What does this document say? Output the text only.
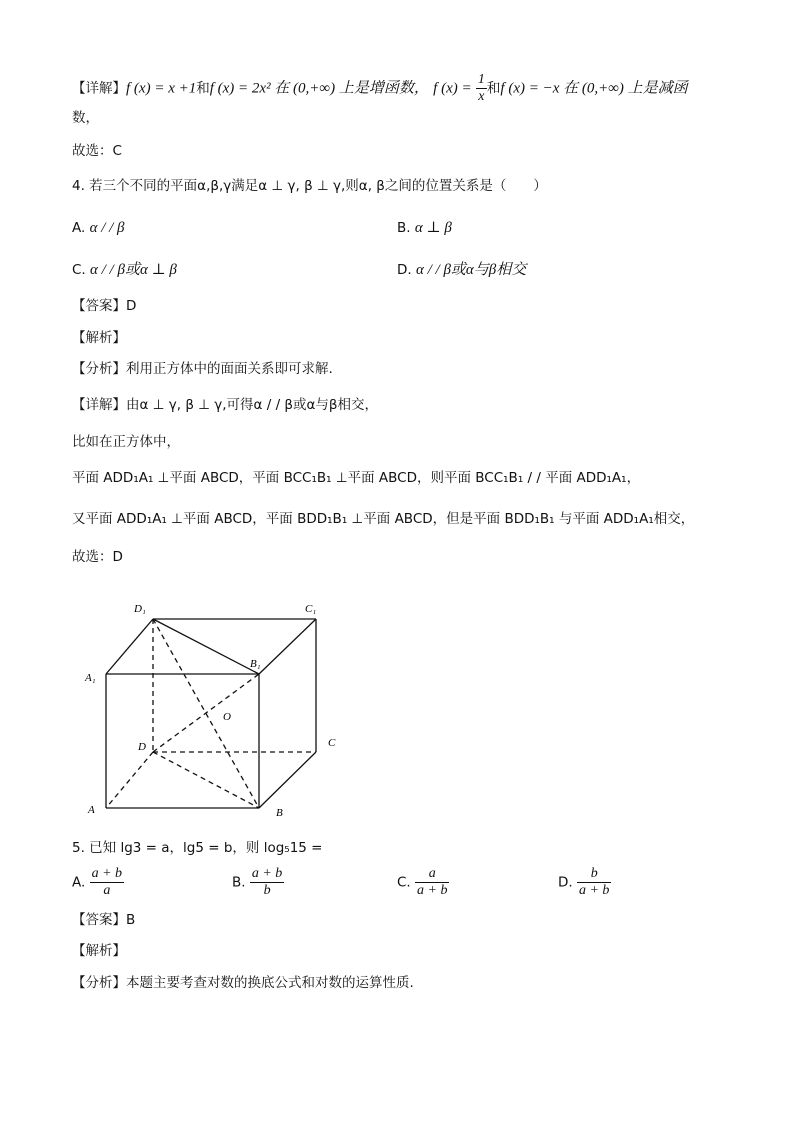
【详解】f (x) = x +1和f (x) = 2x² 在 (0,+∞) 上是增函数， f $(x) = \frac{1}{x}$ 和f (x) = −x 在 (0,+∞) 上是减函
数，
故选：C
4. 若三个不同的平面α,β,γ满足α ⊥ γ, β ⊥ γ,则α, β之间的位置关系是（　　）
A. α / / β	B. α ⊥ β
C. α / / β或α ⊥ β	D. α / / β或α与β相交
【答案】D
【解析】
【分析】利用正方体中的面面关系即可求解.
【详解】由α ⊥ γ, β ⊥ γ,可得α / / β或α与β相交，
比如在正方体中，
平面 ADD₁A₁ ⊥平面 ABCD，平面 BCC₁B₁ ⊥平面 ABCD，则平面 BCC₁B₁ / / 平面 ADD₁A₁，
又平面 ADD₁A₁ ⊥平面 ABCD，平面 BDD₁B₁ ⊥平面 ABCD，但是平面 BDD₁B₁ 与平面 ADD₁A₁相交，
故选：D
D₁	C₁
B₁
A₁
O
D	C
A	B
5. 已知 lg3 = a，lg5 = b，则 log₅15 =
A. $\frac{a + b}{a}$	B. $\frac{a + b}{b}$	C. $\frac{a}{a + b}$	D. $\frac{b}{a + b}$
【答案】B
【解析】
【分析】本题主要考查对数的换底公式和对数的运算性质.
